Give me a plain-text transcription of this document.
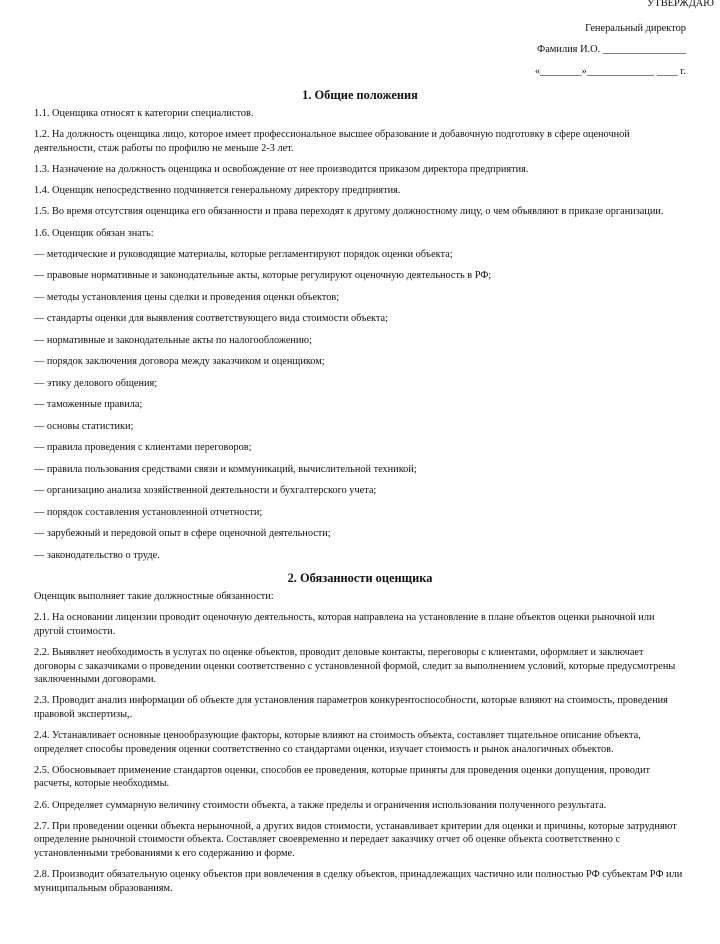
УТВЕРЖДАЮ
Генеральный директор
Фамилия И.О. ________________
«________»_____________ ____ г.
1. Общие положения

1.1. Оценщика относят к категории специалистов.

1.2. На должность оценщика лицо, которое имеет профессиональное высшее образование и добавочную подготовку в сфере оценочной деятельности, стаж работы по профилю не меньше 2-3 лет.

1.3. Назначение на должность оценщика и освобождение от нее производится приказом директора предприятия.

1.4. Оценщик непосредственно подчиняется генеральному директору предприятия.

1.5. Во время отсутствия оценщика его обязанности и права переходят к другому должностному лицу, о чем объявляют в приказе организации.

1.6. Оценщик обязан знать:

— методические и руководящие материалы, которые регламентируют порядок оценки объекта;

— правовые нормативные и законодательные акты, которые регулируют оценочную деятельность в РФ;

— методы установления цены сделки и проведения оценки объектов;

— стандарты оценки для выявления соответствующего вида стоимости объекта;

— нормативные и законодательные акты по налогообложению;

— порядок заключения договора между заказчиком и оценщиком;

— этику делового общения;

— таможенные правила;

— основы статистики;

— правила проведения с клиентами переговоров;

— правила пользования средствами связи и коммуникаций, вычислительной техникой;

— организацию анализа хозяйственной деятельности и бухгалтерского учета;

— порядок составления установленной отчетности;

— зарубежный и передовой опыт в сфере оценочной деятельности;

— законодательство о труде.

2. Обязанности оценщика

Оценщик выполняет такие должностные обязанности:

2.1. На основании лицензии проводит оценочную деятельность, которая направлена на установление в плане объектов оценки рыночной или другой стоимости.

2.2. Выявляет необходимость в услугах по оценке объектов, проводит деловые контакты, переговоры с клиентами, оформляет и заключает договоры с заказчиками о проведении оценки соответственно с установленной формой, следит за выполнением условий, которые предусмотрены заключенными договорами.

2.3. Проводит анализ информации об объекте для установления параметров конкурентоспособности, которые влияют на стоимость, проведения правовой экспертизы,.

2.4. Устанавливает основные ценообразующие факторы, которые влияют на стоимость объекта, составляет тщательное описание объекта, определяет способы проведения оценки соответственно со стандартами оценки, изучает стоимость и рынок аналогичных объектов.

2.5. Обосновывает применение стандартов оценки, способов ее проведения, которые приняты для проведения оценки допущения, проводит расчеты, которые необходимы.

2.6. Определяет суммарную величину стоимости объекта, а также пределы и ограничения использования полученного результата.

2.7. При проведении оценки объекта нерыночной, а других видов стоимости, устанавливает критерии для оценки и причины, которые затрудняют определение рыночной стоимости объекта. Составляет своевременно и передает заказчику отчет об оценке объекта соответственно с установленными требованиями к его содержанию и форме.

2.8. Производит обязательную оценку объектов при вовлечения в сделку объектов, принадлежащих частично или полностью РФ субъектам РФ или муниципальным образованиям.
